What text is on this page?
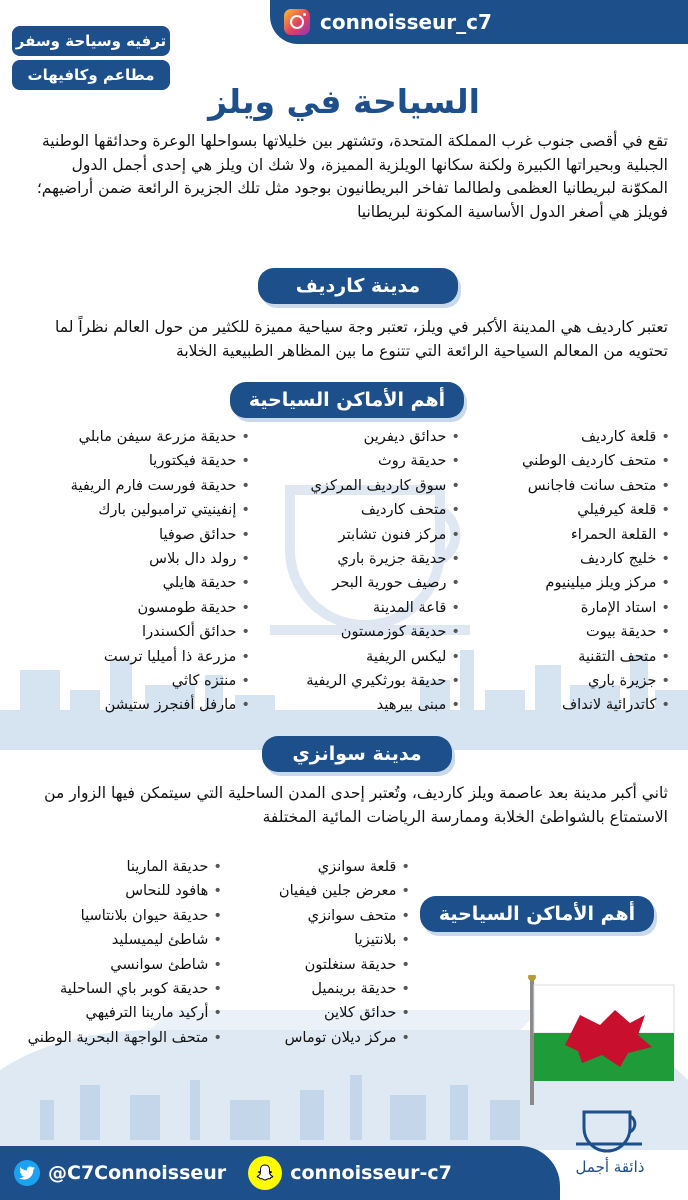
connoisseur_c7
ترفيه وسياحة وسفر
مطاعم وكافيهات
السياحة في ويلز

تقع في أقصى جنوب غرب المملكة المتحدة، وتشتهر بين خليلاتها بسواحلها الوعرة وحدائقها الوطنية الجبلية وبحيراتها الكبيرة ولكنة سكانها الويلزية المميزة، ولا شك ان ويلز هي إحدى أجمل الدول المكوّنة لبريطانيا العظمى ولطالما تفاخر البريطانيون بوجود مثل تلك الجزيرة الرائعة ضمن أراضيهم؛ فويلز هي أصغر الدول الأساسية المكونة لبريطانيا

مدينة كارديف

تعتبر كارديف هي المدينة الأكبر في ويلز، تعتبر وجة سياحية مميزة للكثير من حول العالم نظراً لما تحتويه من المعالم السياحية الرائعة التي تتنوع ما بين المظاهر الطبيعية الخلابة

أهم الأماكن السياحية
•قلعة كارديف
•متحف كارديف الوطني
•متحف سانت فاجانس
•قلعة كيرفيلي
•القلعة الحمراء
•خليج كارديف
•مركز ويلز ميلينيوم
•استاد الإمارة
•حديقة بيوت
•متحف التقنية
•جزيرة باري
•كاتدرائية لانداف
•حدائق ديفرين
•حديقة روث
•سوق كارديف المركزي
•متحف كارديف
•مركز فنون تشابتر
•حديقة جزيرة باري
•رصيف حورية البحر
•قاعة المدينة
•حديقة كوزمستون
•ليكس الريفية
•حديقة بورثكيري الريفية
•مبنى بيرهيد
•حديقة مزرعة سيفن مابلي
•حديقة فيكتوريا
•حديقة فورست فارم الريفية
•إنفينيتي ترامبولين بارك
•حدائق صوفيا
•رولد دال بلاس
•حديقة هايلي
•حديقة طومسون
•حدائق ألكسندرا
•مزرعة ذا أميليا ترست
•منتزه كاثي
•مارفل أفنجرز ستيشن
مدينة سوانزي

ثاني أكبر مدينة بعد عاصمة ويلز كارديف، وتُعتبر إحدى المدن الساحلية التي سيتمكن فيها الزوار من الاستمتاع بالشواطئ الخلابة وممارسة الرياضات المائية المختلفة

أهم الأماكن السياحية
•قلعة سوانزي
•معرض جلين فيفيان
•متحف سوانزي
•بلانتيزيا
•حديقة سنغلتون
•حديقة برينميل
•حدائق كلاين
•مركز ديلان توماس
•حديقة المارينا
•هافود للنحاس
•حديقة حيوان بلانتاسيا
•شاطئ ليميسليد
•شاطئ سوانسي
•حديقة كوبر باي الساحلية
•أركيد مارينا الترفيهي
•متحف الواجهة البحرية الوطني
ذائقة أجمل
@C7Connoisseur	connoisseur-c7
